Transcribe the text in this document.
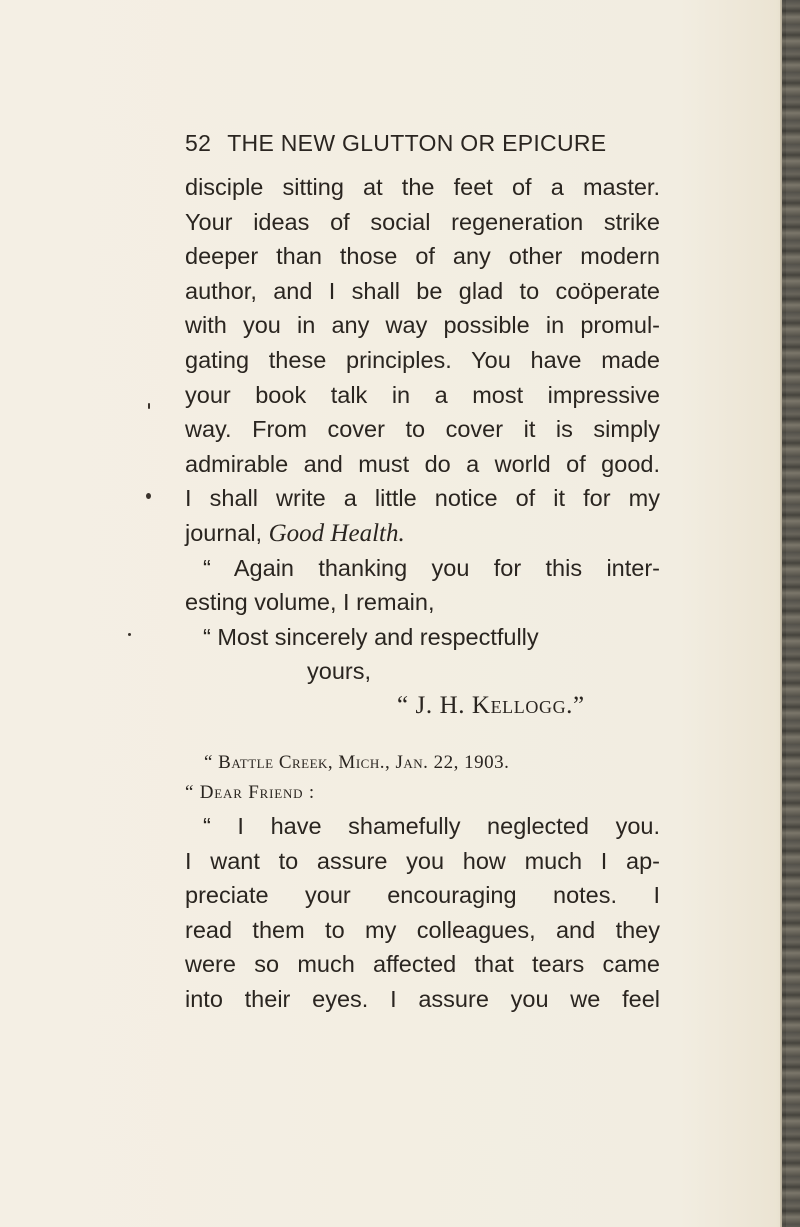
52 THE NEW GLUTTON OR EPICURE
disciple sitting at the feet of a master.
Your ideas of social regeneration strike
deeper than those of any other modern
author, and I shall be glad to coöperate
with you in any way possible in promul-
gating these principles. You have made
your book talk in a most impressive
way. From cover to cover it is simply
admirable and must do a world of good.
I shall write a little notice of it for my
journal, Good Health.
“ Again thanking you for this inter-
esting volume, I remain,
“ Most sincerely and respectfully
yours,
“ J. H. Kellogg.”
“ Battle Creek, Mich., Jan. 22, 1903.
“ Dear Friend :
“ I have shamefully neglected you.
I want to assure you how much I ap-
preciate your encouraging notes. I
read them to my colleagues, and they
were so much affected that tears came
into their eyes. I assure you we feel
